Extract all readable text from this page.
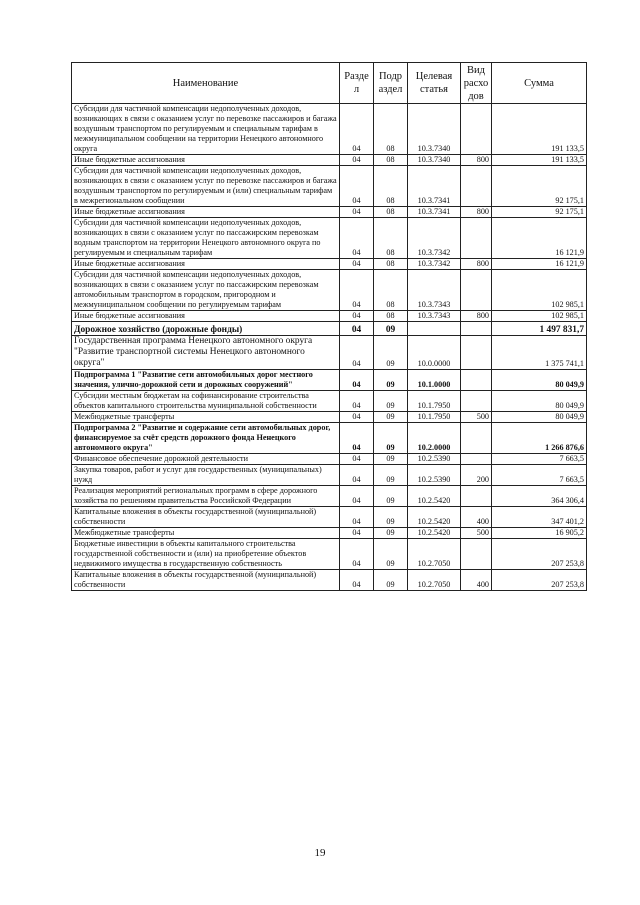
Наименование	Разде л	Подр аздел	Целевая статья	Вид расхо дов	Сумма
Субсидии для частичной компенсации недополученных доходов, возникающих в связи с оказанием услуг по перевозке пассажиров и багажа воздушным транспортом по регулируемым и специальным тарифам в межмуниципальном сообщении на территории Ненецкого автономного округа	04	08	10.3.7340		191 133,5
Иные бюджетные ассигнования	04	08	10.3.7340	800	191 133,5
Субсидии для частичной компенсации недополученных доходов, возникающих в связи с оказанием услуг по перевозке пассажиров и багажа воздушным транспортом по регулируемым и (или) специальным тарифам в межрегиональном сообщении	04	08	10.3.7341		92 175,1
Иные бюджетные ассигнования	04	08	10.3.7341	800	92 175,1
Субсидии для частичной компенсации недополученных доходов, возникающих в связи с оказанием услуг по пассажирским перевозкам водным транспортом на территории Ненецкого автономного округа по регулируемым и специальным тарифам	04	08	10.3.7342		16 121,9
Иные бюджетные ассигнования	04	08	10.3.7342	800	16 121,9
Субсидии для частичной компенсации недополученных доходов, возникающих в связи с оказанием услуг по пассажирским перевозкам автомобильным транспортом в городском, пригородном и межмуниципальном сообщении по регулируемым тарифам	04	08	10.3.7343		102 985,1
Иные бюджетные ассигнования	04	08	10.3.7343	800	102 985,1
Дорожное хозяйство (дорожные фонды)	04	09			1 497 831,7
Государственная программа Ненецкого автономного округа "Развитие транспортной системы Ненецкого автономного округа"	04	09	10.0.0000		1 375 741,1
Подпрограмма 1 "Развитие сети автомобильных дорог местного значения, улично-дорожной сети и дорожных сооружений"	04	09	10.1.0000		80 049,9
Субсидии местным бюджетам на софинансирование строительства объектов капитального строительства муниципальной собственности	04	09	10.1.7950		80 049,9
Межбюджетные трансферты	04	09	10.1.7950	500	80 049,9
Подпрограмма 2 "Развитие и содержание сети автомобильных дорог, финансируемое за счёт средств дорожного фонда Ненецкого автономного округа"	04	09	10.2.0000		1 266 876,6
Финансовое обеспечение дорожной деятельности	04	09	10.2.5390		7 663,5
Закупка товаров, работ и услуг для государственных (муниципальных) нужд	04	09	10.2.5390	200	7 663,5
Реализация мероприятий региональных программ в сфере дорожного хозяйства по решениям правительства Российской Федерации	04	09	10.2.5420		364 306,4
Капитальные вложения в объекты государственной (муниципальной) собственности	04	09	10.2.5420	400	347 401,2
Межбюджетные трансферты	04	09	10.2.5420	500	16 905,2
Бюджетные инвестиции в объекты капитального строительства государственной собственности и (или) на приобретение объектов недвижимого имущества в государственную собственность	04	09	10.2.7050		207 253,8
Капитальные вложения в объекты государственной (муниципальной) собственности	04	09	10.2.7050	400	207 253,8
19
